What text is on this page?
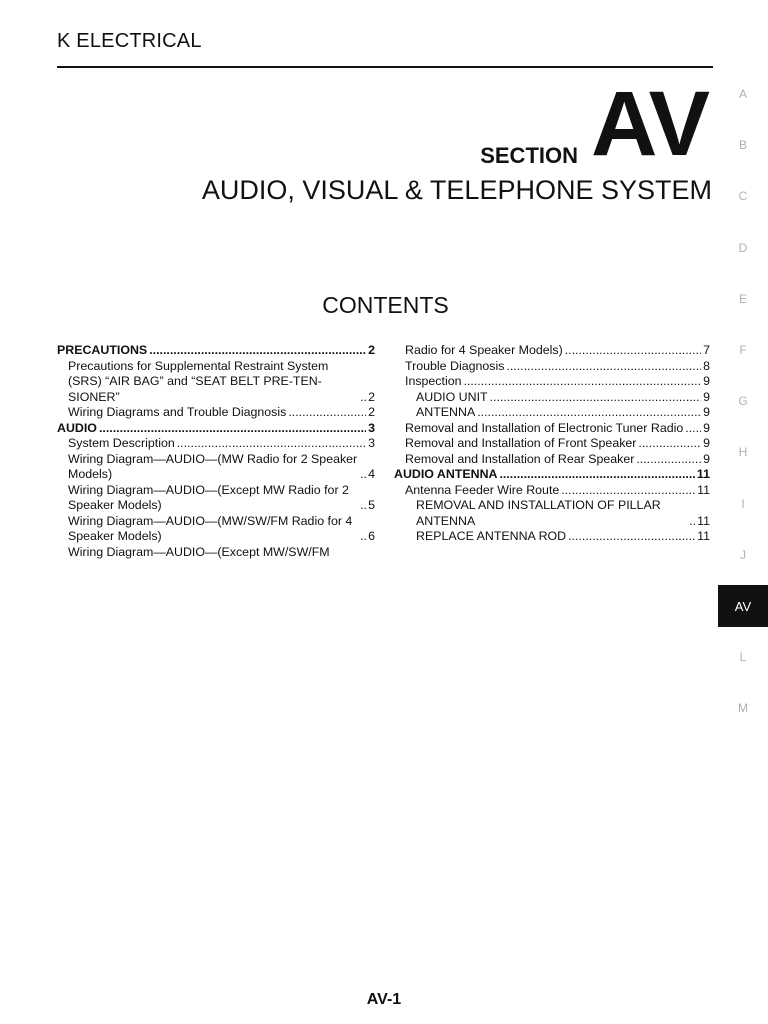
K ELECTRICAL
SECTION AV
AUDIO, VISUAL & TELEPHONE SYSTEM
CONTENTS
PRECAUTIONS .....	2
Precautions for Supplemental Restraint System (SRS) “AIR BAG” and “SEAT BELT PRE-TEN-SIONER” .....	2
Wiring Diagrams and Trouble Diagnosis .....	2
AUDIO .....	3
System Description .....	3
Wiring Diagram—AUDIO—(MW Radio for 2 Speaker Models) .....	4
Wiring Diagram—AUDIO—(Except MW Radio for 2 Speaker Models) .....	5
Wiring Diagram—AUDIO—(MW/SW/FM Radio for 4 Speaker Models) .....	6
Wiring Diagram—AUDIO—(Except MW/SW/FM
Radio for 4 Speaker Models) .....	7
Trouble Diagnosis .....	8
Inspection .....	9
AUDIO UNIT .....	9
ANTENNA .....	9
Removal and Installation of Electronic Tuner Radio ..... 9
Removal and Installation of Front Speaker .....	9
Removal and Installation of Rear Speaker .....	9
AUDIO ANTENNA .....	11
Antenna Feeder Wire Route .....	11
REMOVAL AND INSTALLATION OF PILLAR ANTENNA .....	11
REPLACE ANTENNA ROD .....	11
A
B
C
D
E
F
G
H
I
J
AV
L
M
AV-1
